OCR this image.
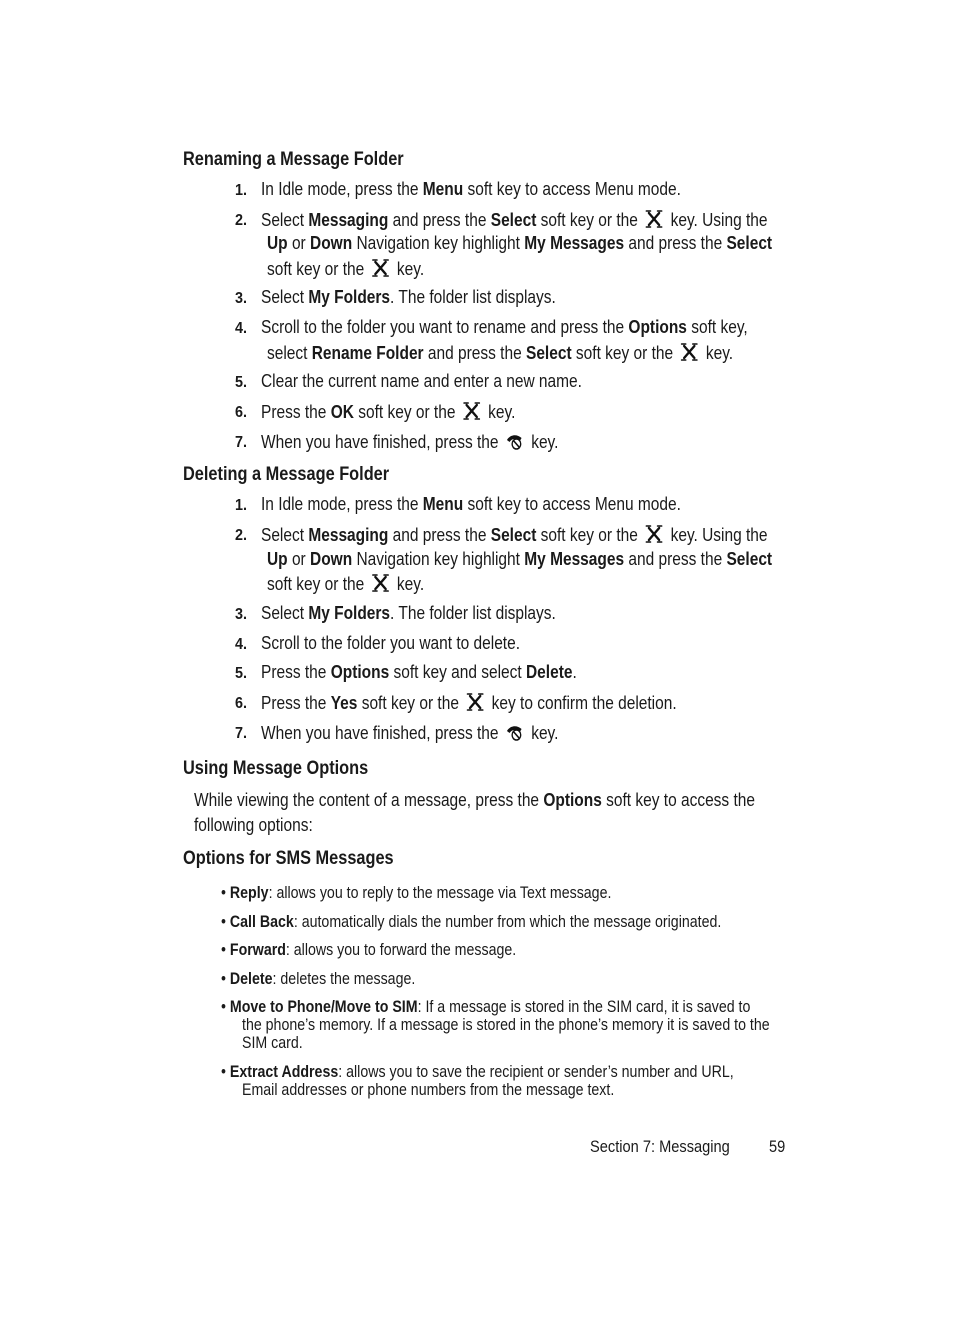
Renaming a Message Folder
1. In Idle mode, press the Menu soft key to access Menu mode.
2. Select Messaging and press the Select soft key or the
key. Using the
Up or Down Navigation key highlight My Messages and press the Select
soft key or the
key.
3. Select My Folders. The folder list displays.
4. Scroll to the folder you want to rename and press the Options soft key,
select Rename Folder and press the Select soft key or the
key.
5. Clear the current name and enter a new name.
6. Press the OK soft key or the
key.
7. When you have finished, press the
key.
Deleting a Message Folder
1. In Idle mode, press the Menu soft key to access Menu mode.
2. Select Messaging and press the Select soft key or the
key. Using the
Up or Down Navigation key highlight My Messages and press the Select
soft key or the
key.
3. Select My Folders. The folder list displays.
4. Scroll to the folder you want to delete.
5. Press the Options soft key and select Delete.
6. Press the Yes soft key or the
key to confirm the deletion.
7. When you have finished, press the
key.
Using Message Options
While viewing the content of a message, press the Options soft key to access the
following options:
Options for SMS Messages
• Reply: allows you to reply to the message via Text message.
• Call Back: automatically dials the number from which the message originated.
• Forward: allows you to forward the message.
• Delete: deletes the message.
• Move to Phone/Move to SIM: If a message is stored in the SIM card, it is saved to
the phone’s memory. If a message is stored in the phone’s memory it is saved to the
SIM card.
• Extract Address: allows you to save the recipient or sender’s number and URL,
Email addresses or phone numbers from the message text.
Section 7: Messaging 59
